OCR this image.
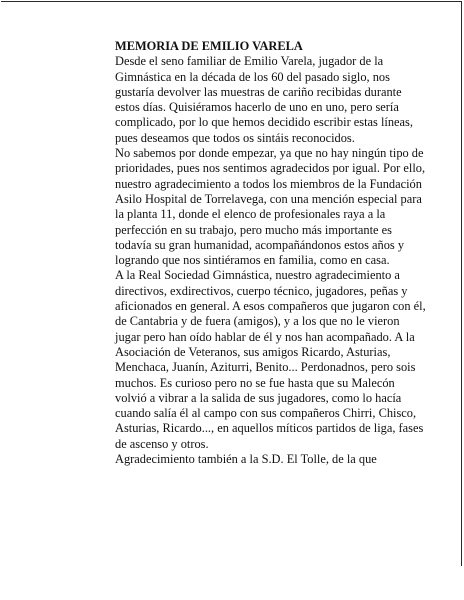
MEMORIA DE EMILIO VARELA

Desde el seno familiar de Emilio Varela, jugador de la Gimnástica en la década de los 60 del pasado siglo, nos gustaría devolver las muestras de cariño recibidas durante estos días. Quisiéramos hacerlo de uno en uno, pero sería complicado, por lo que hemos decidido escribir estas líneas, pues deseamos que todos os sintáis reconocidos.

No sabemos por donde empezar, ya que no hay ningún tipo de prioridades, pues nos sentimos agradecidos por igual. Por ello, nuestro agradecimiento a todos los miembros de la Fundación Asilo Hospital de Torrelavega, con una mención especial para la planta 11, donde el elenco de profesionales raya a la perfección en su trabajo, pero mucho más importante es todavía su gran humanidad, acompañándonos estos años y logrando que nos sintiéramos en familia, como en casa.

A la Real Sociedad Gimnástica, nuestro agradecimiento a directivos, exdirectivos, cuerpo técnico, jugadores, peñas y aficionados en general. A esos compañeros que jugaron con él, de Cantabria y de fuera (amigos), y a los que no le vieron jugar pero han oído hablar de él y nos han acompañado. A la Asociación de Veteranos, sus amigos Ricardo, Asturias, Menchaca, Juanín, Aziturri, Benito... Perdonadnos, pero sois muchos. Es curioso pero no se fue hasta que su Malecón volvió a vibrar a la salida de sus jugadores, como lo hacía cuando salía él al campo con sus compañeros Chirri, Chisco, Asturias, Ricardo..., en aquellos míticos partidos de liga, fases de ascenso y otros.

Agradecimiento también a la S.D. El Tolle, de la que
